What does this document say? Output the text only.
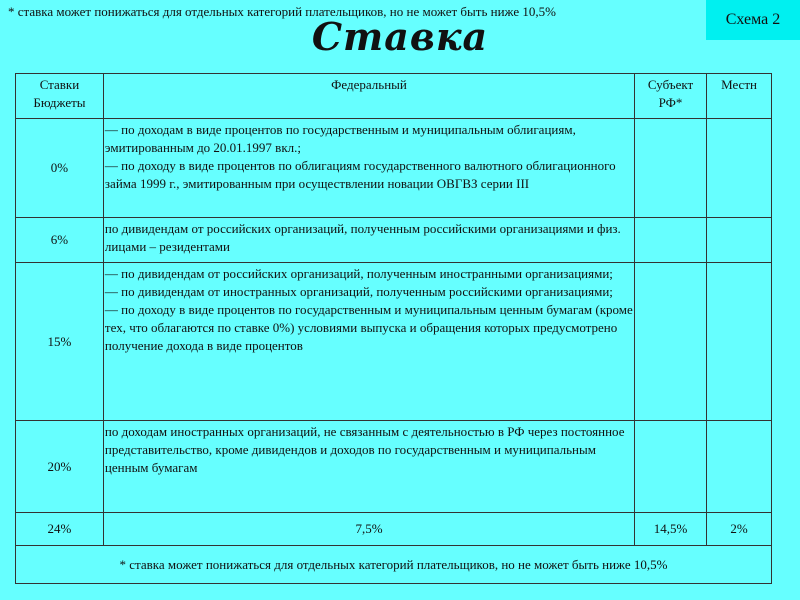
* ставка может понижаться для отдельных категорий плательщиков, но не может быть ниже 10,5%	Схема 2
Ставка
Ставки Бюджеты	Федеральный	Субъект РФ*	Местн
0%	— по доходам в виде процентов по государственным и муниципальным облигациям, эмитированным до 20.01.1997 вкл.;
— по доходу в виде процентов по облигациям государственного валютного облигационного займа 1999 г., эмитированным при осуществлении новации ОВГВЗ серии III		

6%	по дивидендам от российских организаций, полученным российскими организациями и физ. лицами – резидентами		

15%	— по дивидендам от российских организаций, полученным иностранными организациями;
— по дивидендам от иностранных организаций, полученным российскими организациями;
— по доходу в виде процентов по государственным и муниципальным ценным бумагам (кроме тех, что облагаются по ставке 0%) условиями выпуска и обращения которых предусмотрено получение дохода в виде процентов		

20%	по доходам иностранных организаций, не связанным с деятельностью в РФ через постоянное представительство, кроме дивидендов и доходов по государственным и муниципальным ценным бумагам		

24%	7,5%	14,5%	2%
* ставка может понижаться для отдельных категорий плательщиков, но не может быть ниже 10,5%			
